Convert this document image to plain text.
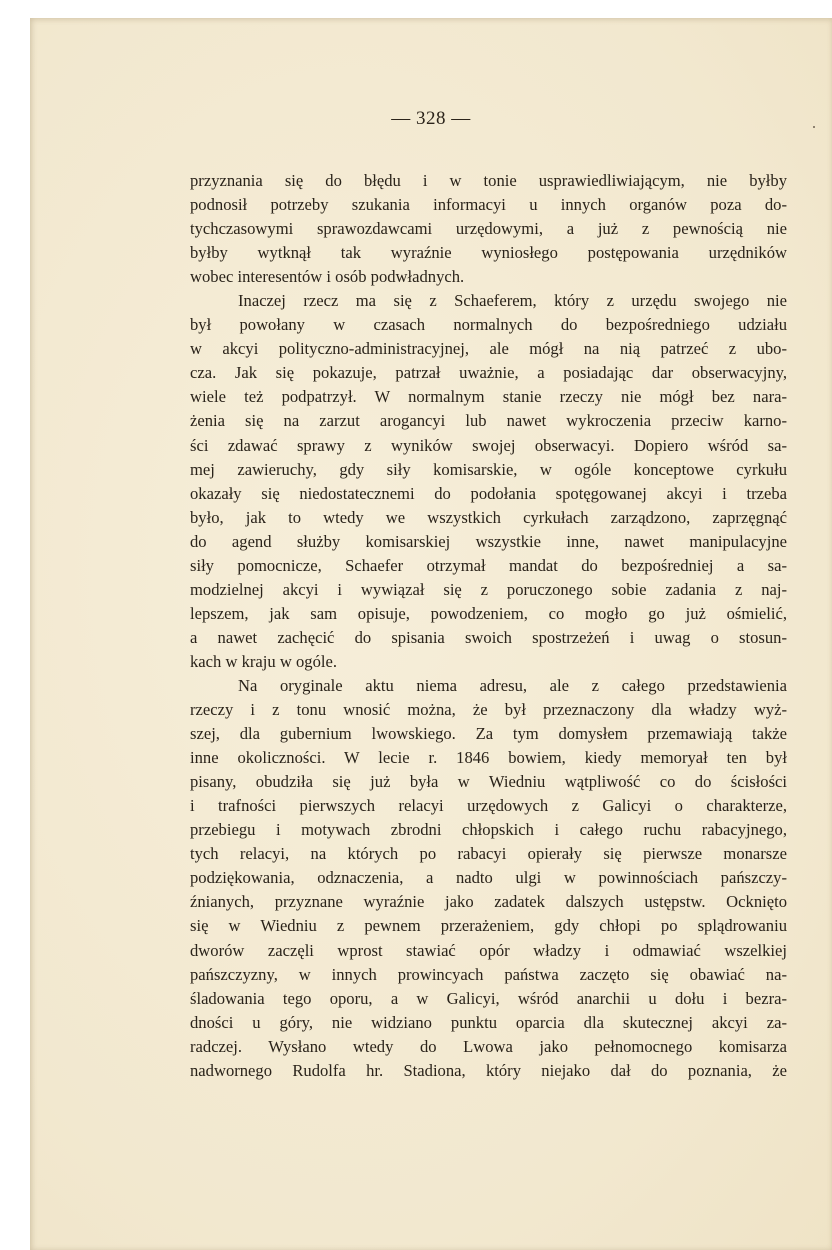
— 328 —
przyznania się do błędu i w tonie usprawiedliwiającym, nie byłby
podnosił potrzeby szukania informacyi u innych organów poza do-
tychczasowymi sprawozdawcami urzędowymi, a już z pewnością nie
byłby wytknął tak wyraźnie wyniosłego postępowania urzędników
wobec interesentów i osób podwładnych.
Inaczej rzecz ma się z Schaeferem, który z urzędu swojego nie
był powołany w czasach normalnych do bezpośredniego udziału
w akcyi polityczno-administracyjnej, ale mógł na nią patrzeć z ubo-
cza. Jak się pokazuje, patrzał uważnie, a posiadając dar obserwacyjny,
wiele też podpatrzył. W normalnym stanie rzeczy nie mógł bez nara-
żenia się na zarzut arogancyi lub nawet wykroczenia przeciw karno-
ści zdawać sprawy z wyników swojej obserwacyi. Dopiero wśród sa-
mej zawieruchy, gdy siły komisarskie, w ogóle konceptowe cyrkułu
okazały się niedostatecznemi do podołania spotęgowanej akcyi i trzeba
było, jak to wtedy we wszystkich cyrkułach zarządzono, zaprzęgnąć
do agend służby komisarskiej wszystkie inne, nawet manipulacyjne
siły pomocnicze, Schaefer otrzymał mandat do bezpośredniej a sa-
modzielnej akcyi i wywiązał się z poruczonego sobie zadania z naj-
lepszem, jak sam opisuje, powodzeniem, co mogło go już ośmielić,
a nawet zachęcić do spisania swoich spostrzeżeń i uwag o stosun-
kach w kraju w ogóle.
Na oryginale aktu niema adresu, ale z całego przedstawienia
rzeczy i z tonu wnosić można, że był przeznaczony dla władzy wyż-
szej, dla gubernium lwowskiego. Za tym domysłem przemawiają także
inne okoliczności. W lecie r. 1846 bowiem, kiedy memoryał ten był
pisany, obudziła się już była w Wiedniu wątpliwość co do ścisłości
i trafności pierwszych relacyi urzędowych z Galicyi o charakterze,
przebiegu i motywach zbrodni chłopskich i całego ruchu rabacyjnego,
tych relacyi, na których po rabacyi opierały się pierwsze monarsze
podziękowania, odznaczenia, a nadto ulgi w powinnościach pańszczy-
źnianych, przyznane wyraźnie jako zadatek dalszych ustępstw. Ocknięto
się w Wiedniu z pewnem przerażeniem, gdy chłopi po splądrowaniu
dworów zaczęli wprost stawiać opór władzy i odmawiać wszelkiej
pańszczyzny, w innych prowincyach państwa zaczęto się obawiać na-
śladowania tego oporu, a w Galicyi, wśród anarchii u dołu i bezra-
dności u góry, nie widziano punktu oparcia dla skutecznej akcyi za-
radczej. Wysłano wtedy do Lwowa jako pełnomocnego komisarza
nadwornego Rudolfa hr. Stadiona, który niejako dał do poznania, że
